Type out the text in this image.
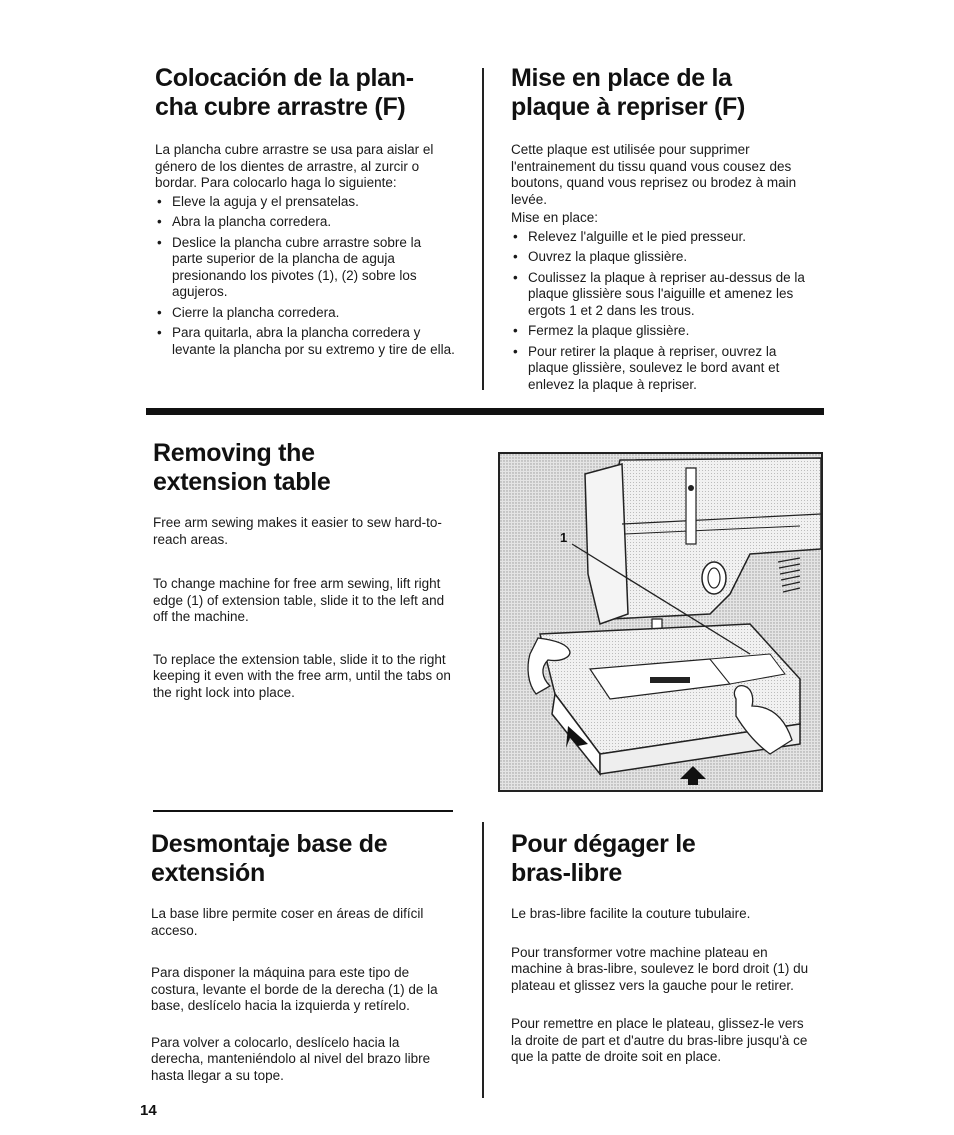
Colocación de la plan-
cha cubre arrastre (F)

La plancha cubre arrastre se usa para aislar el género de los dientes de arrastre, al zurcir o bordar. Para colocarlo haga lo siguiente:

• Eleve la aguja y el prensatelas.
• Abra la plancha corredera.
• Deslice la plancha cubre arrastre sobre la parte superior de la plancha de aguja presionando los pivotes (1), (2) sobre los agujeros.
• Cierre la plancha corredera.
• Para quitarla, abra la plancha corredera y levante la plancha por su extremo y tire de ella.
Mise en place de la
plaque à repriser (F)

Cette plaque est utilisée pour supprimer l'entrainement du tissu quand vous cousez des boutons, quand vous reprisez ou brodez à main levée.

Mise en place:

• Relevez l'alguille et le pied presseur.
• Ouvrez la plaque glissière.
• Coulissez la plaque à repriser au-dessus de la plaque glissière sous l'aiguille et amenez les ergots 1 et 2 dans les trous.
• Fermez la plaque glissière.
• Pour retirer la plaque à repriser, ouvrez la plaque glissière, soulevez le bord avant et enlevez la plaque à repriser.
Removing the
extension table

Free arm sewing makes it easier to sew hard-to-reach areas.

To change machine for free arm sewing, lift right edge (1) of extension table, slide it to the left and off the machine.

To replace the extension table, slide it to the right keeping it even with the free arm, until the tabs on the right lock into place.

1
Desmontaje base de
extensión

La base libre permite coser en áreas de difícil acceso.

Para disponer la máquina para este tipo de costura, levante el borde de la derecha (1) de la base, deslícelo hacia la izquierda y retírelo.

Para volver a colocarlo, deslícelo hacia la derecha, manteniéndolo al nivel del brazo libre hasta llegar a su tope.

Pour dégager le
bras-libre

Le bras-libre facilite la couture tubulaire.

Pour transformer votre machine plateau en machine à bras-libre, soulevez le bord droit (1) du plateau et glissez vers la gauche pour le retirer.

Pour remettre en place le plateau, glissez-le vers la droite de part et d'autre du bras-libre jusqu'à ce que la patte de droite soit en place.

14
